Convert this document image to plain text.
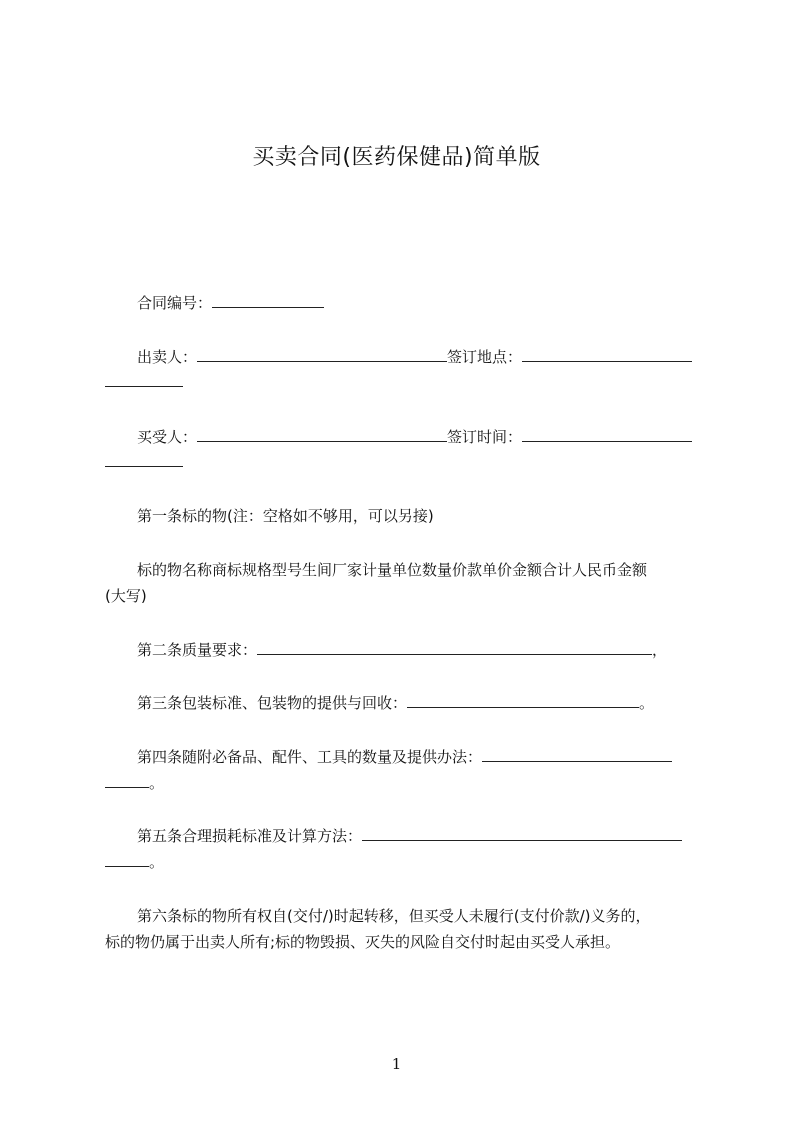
买卖合同(医药保健品)简单版
合同编号：
出卖人：	签订地点：
买受人：	签订时间：
第一条标的物(注：空格如不够用，可以另接)
标的物名称商标规格型号生间厂家计量单位数量价款单价金额合计人民币金额
(大写)
第二条质量要求：	，
第三条包装标准、包装物的提供与回收：	。
第四条随附必备品、配件、工具的数量及提供办法：
。
第五条合理损耗标准及计算方法：
。
第六条标的物所有权自(交付/)时起转移，但买受人未履行(支付价款/)义务的，
标的物仍属于出卖人所有;标的物毁损、灭失的风险自交付时起由买受人承担。
1
